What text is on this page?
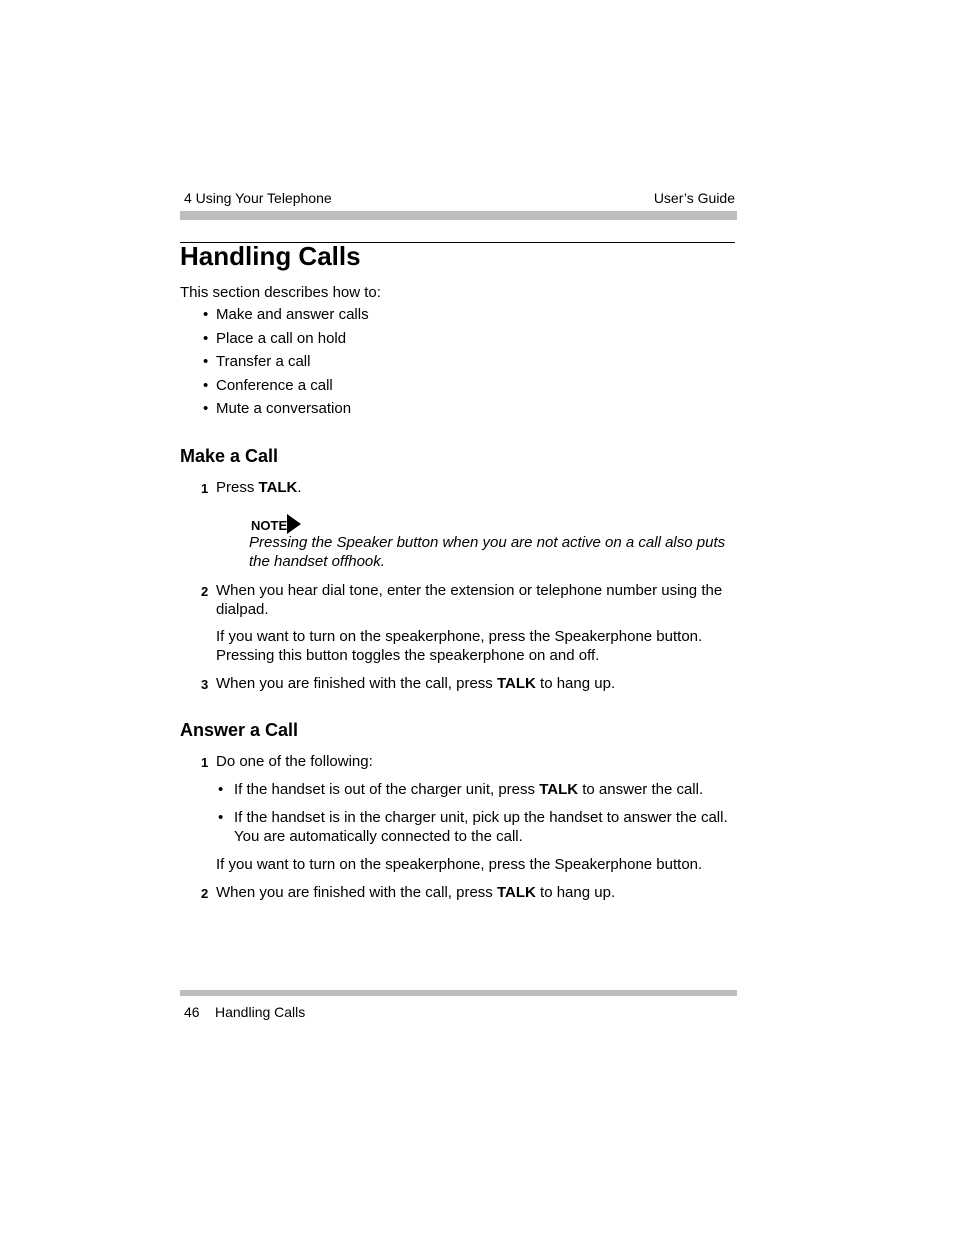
4 Using Your Telephone	User’s Guide
Handling Calls
This section describes how to:
• Make and answer calls
• Place a call on hold
• Transfer a call
• Conference a call
• Mute a conversation
Make a Call
1 Press TALK.
NOTE
Pressing the Speaker button when you are not active on a call also puts the handset offhook.
2 When you hear dial tone, enter the extension or telephone number using the dialpad.
If you want to turn on the speakerphone, press the Speakerphone button. Pressing this button toggles the speakerphone on and off.
3 When you are finished with the call, press TALK to hang up.
Answer a Call
1 Do one of the following:
• If the handset is out of the charger unit, press TALK to answer the call.
• If the handset is in the charger unit, pick up the handset to answer the call. You are automatically connected to the call.
If you want to turn on the speakerphone, press the Speakerphone button.
2 When you are finished with the call, press TALK to hang up.
46 Handling Calls
